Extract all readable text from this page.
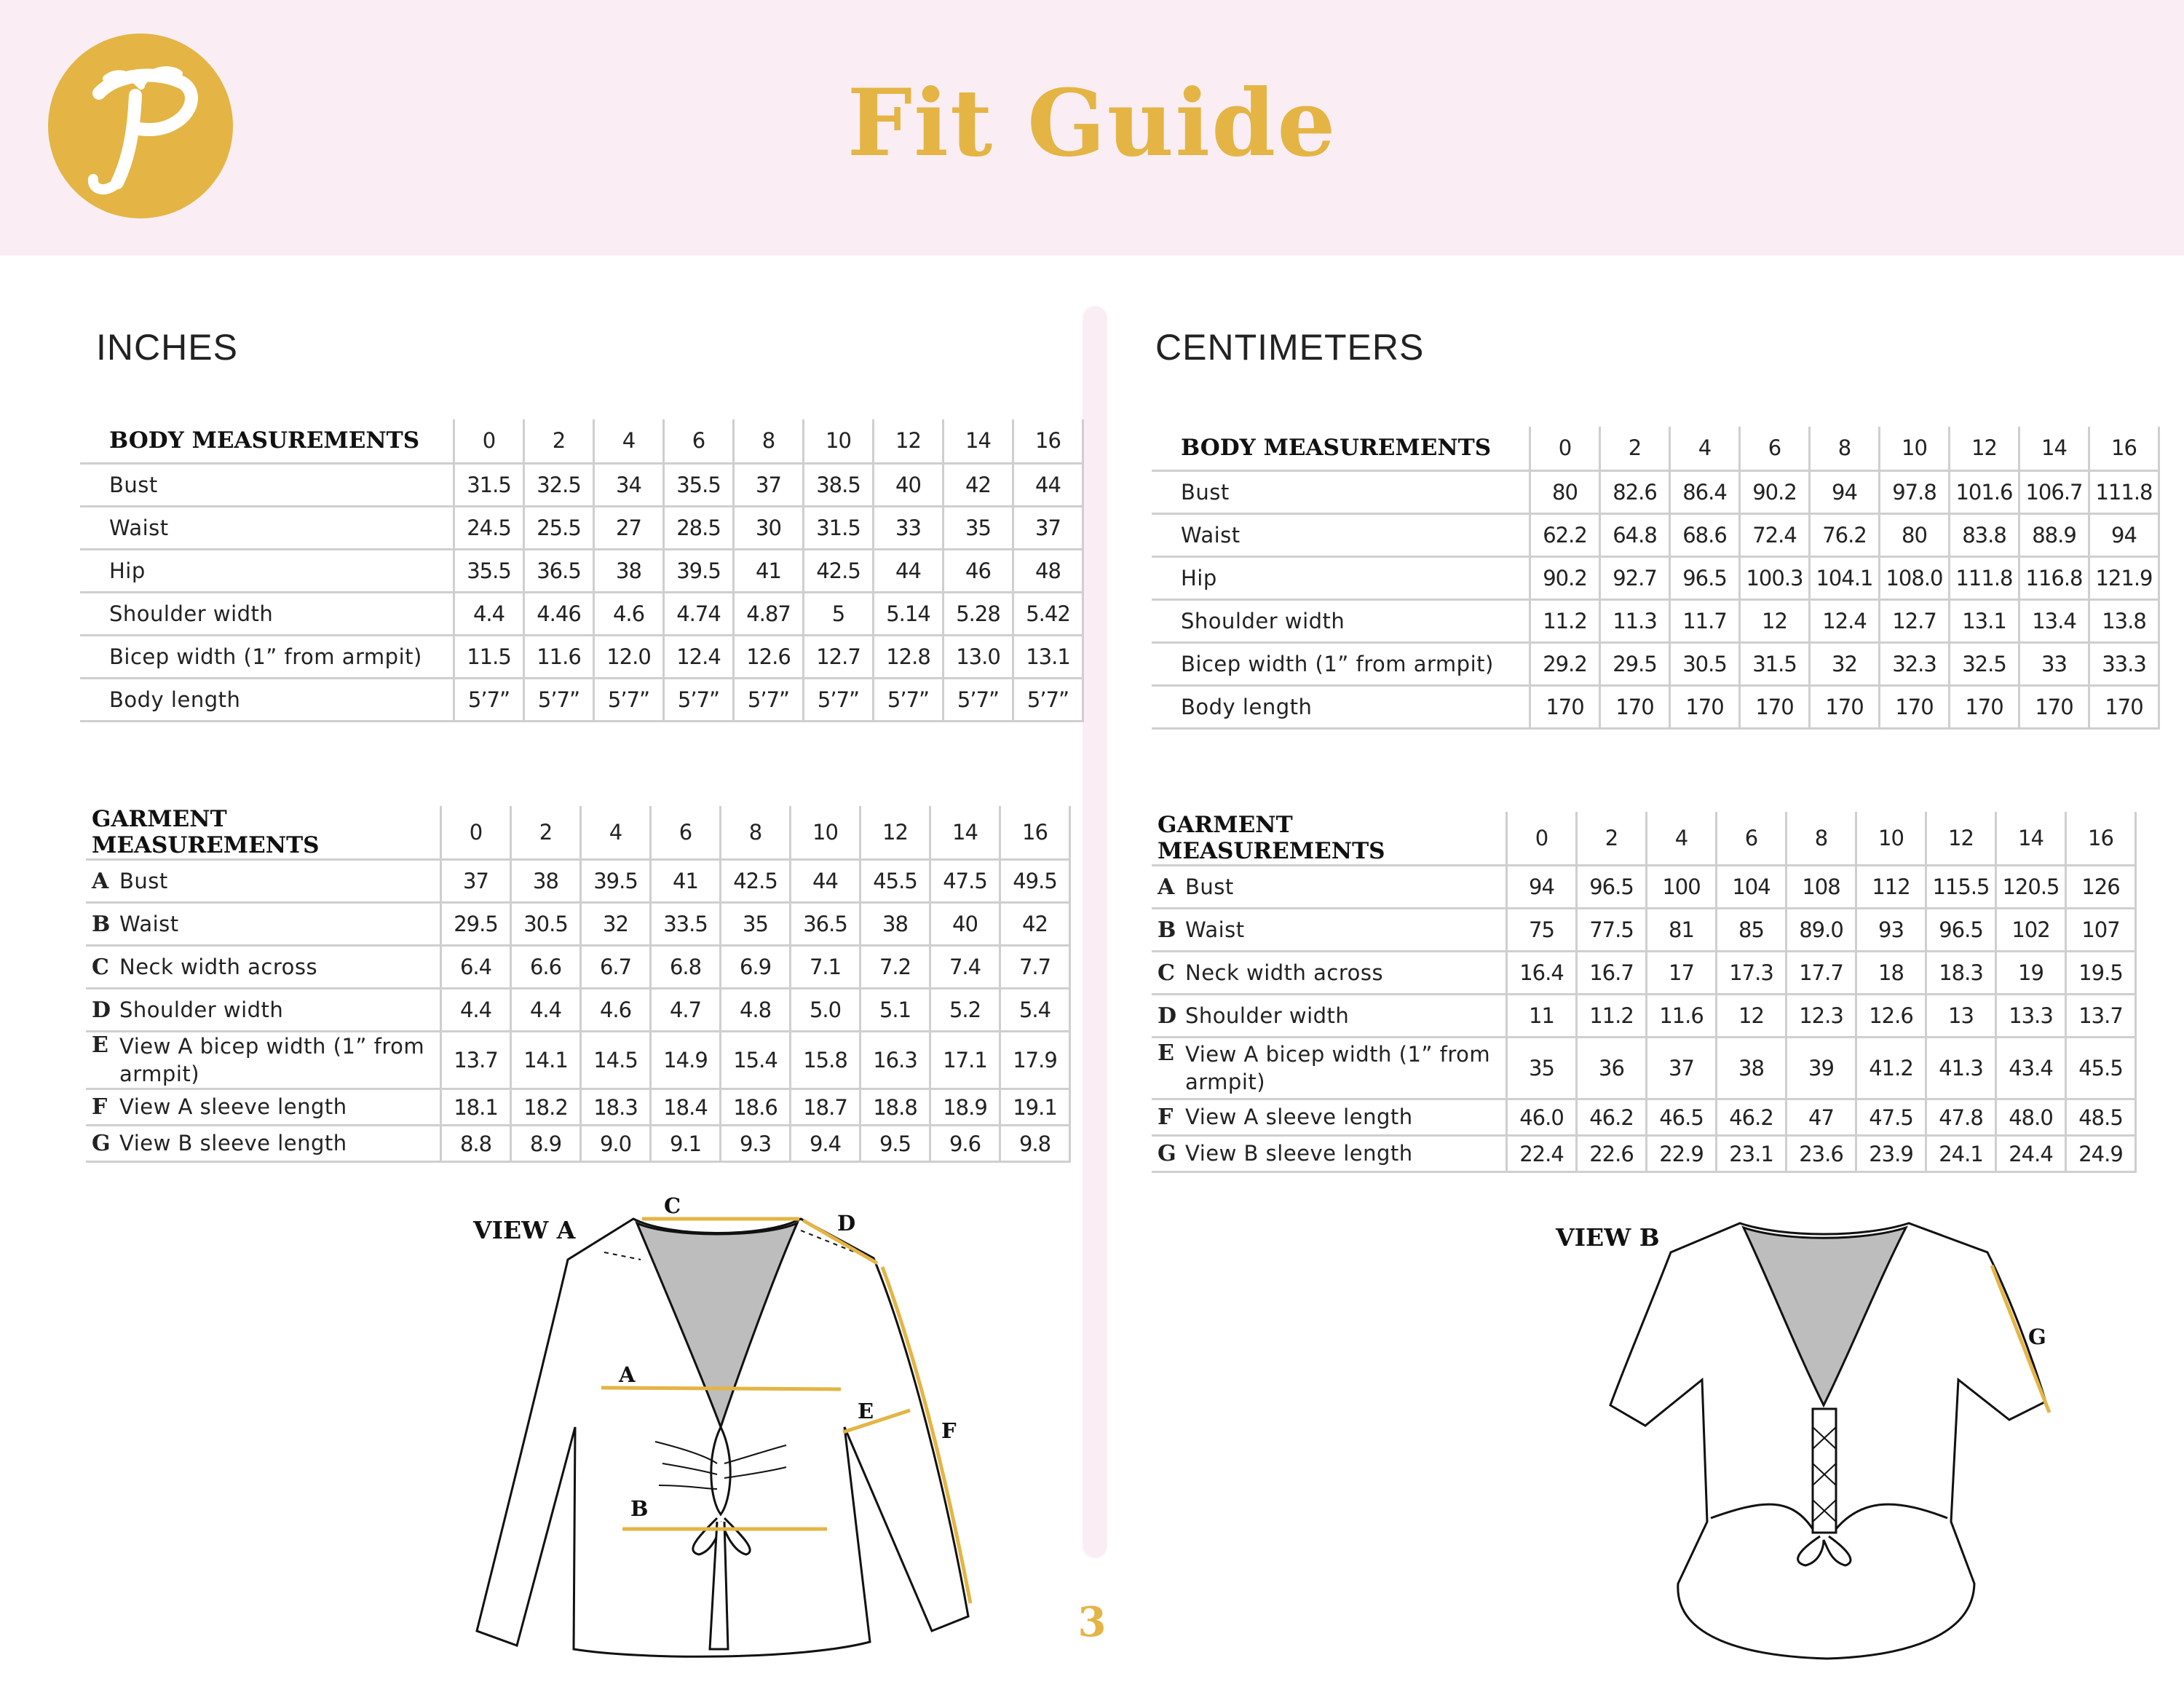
Fit Guide
INCHES	CENTIMETERS
BODY MEASUREMENTS	0	2	4	6	8	10	12	14	16
Bust	31.5	32.5	34	35.5	37	38.5	40	42	44
Waist	24.5	25.5	27	28.5	30	31.5	33	35	37
Hip	35.5	36.5	38	39.5	41	42.5	44	46	48
Shoulder width	4.4	4.46	4.6	4.74	4.87	5	5.14	5.28	5.42
Bicep width (1” from armpit)	11.5	11.6	12.0	12.4	12.6	12.7	12.8	13.0	13.1
Body length	5’7”	5’7”	5’7”	5’7”	5’7”	5’7”	5’7”	5’7”	5’7”
GARMENT MEASUREMENTS	0	2	4	6	8	10	12	14	16
A Bust	37	38	39.5	41	42.5	44	45.5	47.5	49.5
B Waist	29.5	30.5	32	33.5	35	36.5	38	40	42
C Neck width across	6.4	6.6	6.7	6.8	6.9	7.1	7.2	7.4	7.7
D Shoulder width	4.4	4.4	4.6	4.7	4.8	5.0	5.1	5.2	5.4
E View A bicep width (1” from
armpit)	13.7	14.1	14.5	14.9	15.4	15.8	16.3	17.1	17.9
F View A sleeve length	18.1	18.2	18.3	18.4	18.6	18.7	18.8	18.9	19.1
G View B sleeve length	8.8	8.9	9.0	9.1	9.3	9.4	9.5	9.6	9.8
BODY MEASUREMENTS	0	2	4	6	8	10	12	14	16
Bust	80	82.6	86.4	90.2	94	97.8	101.6	106.7	111.8
Waist	62.2	64.8	68.6	72.4	76.2	80	83.8	88.9	94
Hip	90.2	92.7	96.5	100.3	104.1	108.0	111.8	116.8	121.9
Shoulder width	11.2	11.3	11.7	12	12.4	12.7	13.1	13.4	13.8
Bicep width (1” from armpit)	29.2	29.5	30.5	31.5	32	32.3	32.5	33	33.3
Body length	170	170	170	170	170	170	170	170	170
GARMENT MEASUREMENTS	0	2	4	6	8	10	12	14	16
A Bust	94	96.5	100	104	108	112	115.5	120.5	126
B Waist	75	77.5	81	85	89.0	93	96.5	102	107
C Neck width across	16.4	16.7	17	17.3	17.7	18	18.3	19	19.5
D Shoulder width	11	11.2	11.6	12	12.3	12.6	13	13.3	13.7
E View A bicep width (1” from
armpit)	35	36	37	38	39	41.2	41.3	43.4	45.5
F View A sleeve length	46.0	46.2	46.5	46.2	47	47.5	47.8	48.0	48.5
G View B sleeve length	22.4	22.6	22.9	23.1	23.6	23.9	24.1	24.4	24.9
VIEW A	VIEW B
C
D
A
B
E
F
G
3
